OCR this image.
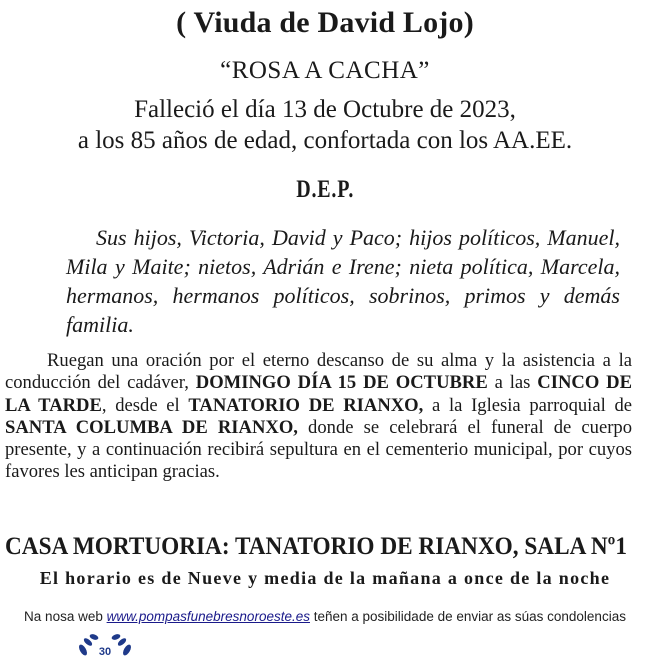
( Viuda de David Lojo)
“ROSA A CACHA”
Falleció el día 13 de Octubre de 2023,
a los 85 años de edad, confortada con los AA.EE.
D.E.P.
Sus hijos, Victoria, David y Paco; hijos políticos, Manuel, Mila y Maite; nietos, Adrián e Irene; nieta política, Marcela, hermanos, hermanos políticos, sobrinos, primos y demás familia.
Ruegan una oración por el eterno descanso de su alma y la asistencia a la conducción del cadáver, DOMINGO DÍA 15 DE OCTUBRE a las CINCO DE LA TARDE, desde el TANATORIO DE RIANXO, a la Iglesia parroquial de SANTA COLUMBA DE RIANXO, donde se celebrará el funeral de cuerpo presente, y a continuación recibirá sepultura en el cementerio municipal, por cuyos favores les anticipan gracias.
CASA MORTUORIA: TANATORIO DE RIANXO, SALA Nº1
El horario es de Nueve y media de la mañana a once de la noche
Na nosa web www.pompasfunebresnoroeste.es teñen a posibilidade de enviar as súas condolencias
30
